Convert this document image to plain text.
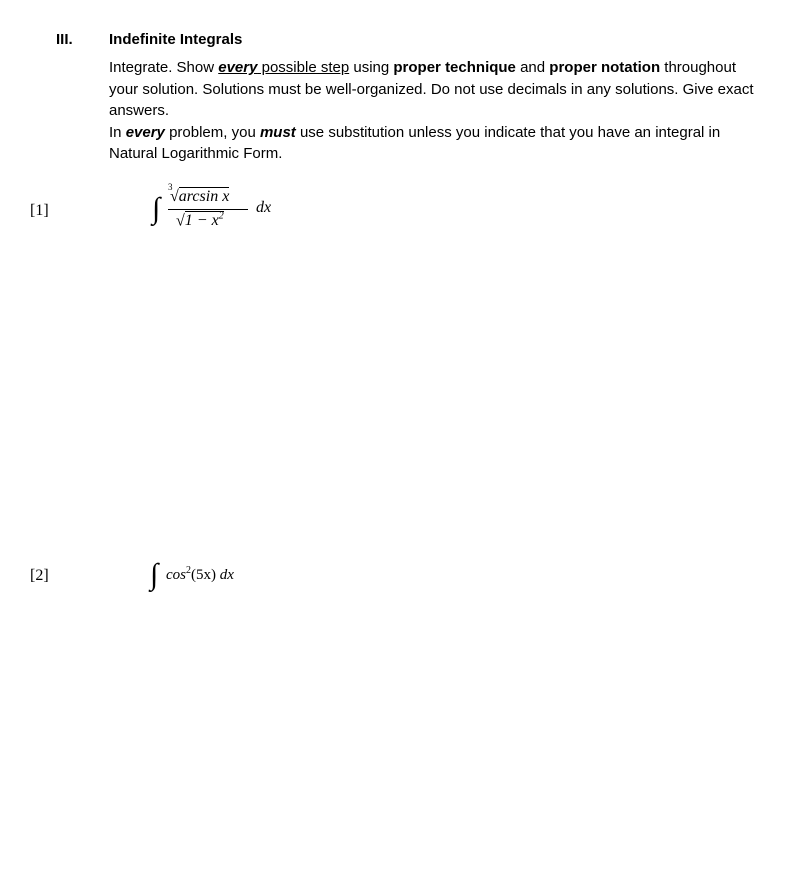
III. Indefinite Integrals

Integrate. Show every possible step using proper technique and proper notation throughout your solution. Solutions must be well-organized. Do not use decimals in any solutions. Give exact answers.

In every problem, you must use substitution unless you indicate that you have an integral in Natural Logarithmic Form.

[1]	∫
3
√arcsin x
$√1 - x^2$
dx
[2]	∫ $\cos^2(5x)$ dx
